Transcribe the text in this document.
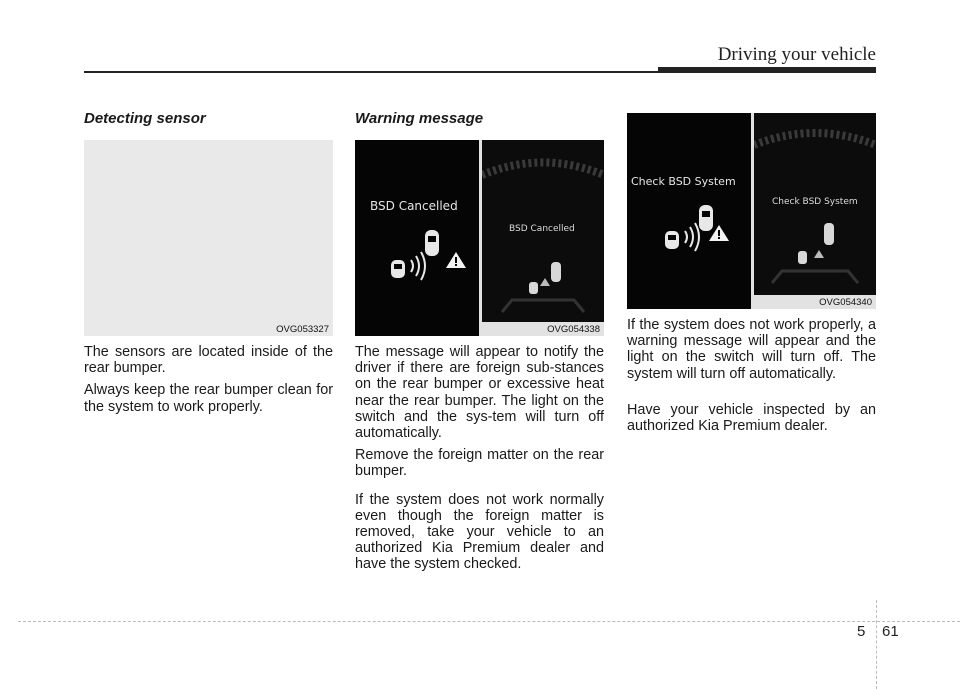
Driving your vehicle
Detecting sensor
OVG053327

The sensors are located inside of the rear bumper.

Always keep the rear bumper clean for the system to work properly.

Warning message
BSD Cancelled
BSD Cancelled
OVG054338

The message will appear to notify the driver if there are foreign sub-stances on the rear bumper or excessive heat near the rear bumper. The light on the switch and the sys-tem will turn off automatically.

Remove the foreign matter on the rear bumper.

If the system does not work normally even though the foreign matter is removed, take your vehicle to an authorized Kia Premium dealer and have the system checked.

Check BSD System
Check BSD System
OVG054340

If the system does not work properly, a warning message will appear and the light on the switch will turn off. The system will turn off automatically.

Have your vehicle inspected by an authorized Kia Premium dealer.

5 61
